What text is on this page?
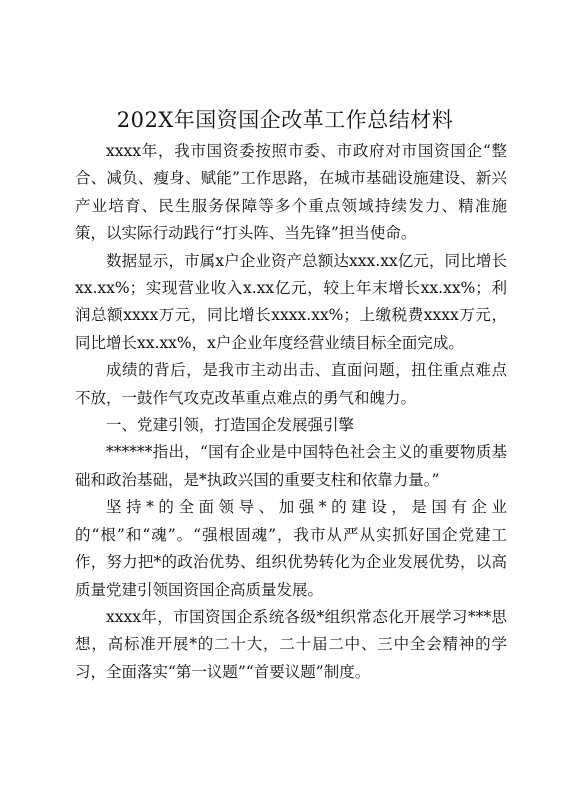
202X年国资国企改革工作总结材料

xxxx年，我市国资委按照市委、市政府对市国资国企“整合、减负、瘦身、赋能”工作思路，在城市基础设施建设、新兴产业培育、民生服务保障等多个重点领域持续发力、精准施策，以实际行动践行“打头阵、当先锋”担当使命。

数据显示，市属x户企业资产总额达xxx.xx亿元，同比增长xx.xx%；实现营业收入x.xx亿元，较上年末增长xx.xx%；利润总额xxxx万元，同比增长xxxx.xx%；上缴税费xxxx万元，同比增长xx.xx%，x户企业年度经营业绩目标全面完成。

成绩的背后，是我市主动出击、直面问题，扭住重点难点不放，一鼓作气攻克改革重点难点的勇气和魄力。

一、党建引领，打造国企发展强引擎

******指出，“国有企业是中国特色社会主义的重要物质基础和政治基础，是*执政兴国的重要支柱和依靠力量。”

坚持*的全面领导、加强*的建设，是国有企业的“根”和“魂”。“强根固魂”，我市从严从实抓好国企党建工作，努力把*的政治优势、组织优势转化为企业发展优势，以高质量党建引领国资国企高质量发展。

xxxx年，市国资国企系统各级*组织常态化开展学习***思想，高标准开展*的二十大，二十届二中、三中全会精神的学习，全面落实“第一议题”“首要议题”制度。
